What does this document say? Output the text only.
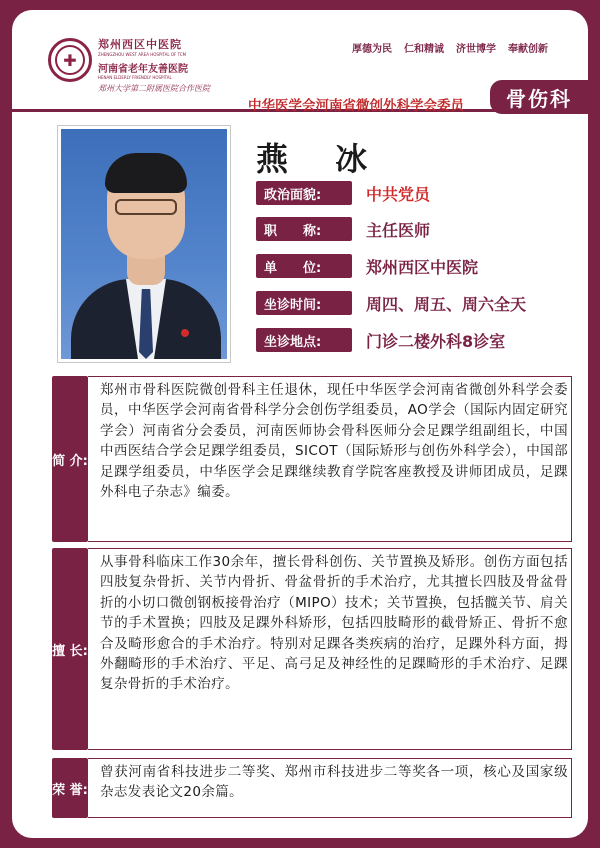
✚
郑州西区中医院
ZHENGZHOU WEST AREA HOSPITAL OF TCM
河南省老年友善医院
HENAN ELDERLY FRIENDLY HOSPITAL
郑州大学第二附属医院合作医院
厚德为民 仁和精诚 济世博学 奉献创新
中华医学会河南省微创外科学会委员	骨伤科
燕 冰
政治面貌:	中共党员
职　　称:	主任医师
单　　位:	郑州西区中医院
坐诊时间:	周四、周五、周六全天
坐诊地点:	门诊二楼外科8诊室
简 介:
郑州市骨科医院微创骨科主任退休，现任中华医学会河南省微创外科学会委员，中华医学会河南省骨科学分会创伤学组委员，AO学会（国际内固定研究学会）河南省分会委员，河南医师协会骨科医师分会足踝学组副组长，中国中西医结合学会足踝学组委员，SICOT（国际矫形与创伤外科学会），中国部足踝学组委员，中华医学会足踝继续教育学院客座教授及讲师团成员，足踝外科电子杂志》编委。
擅 长:
从事骨科临床工作30余年，擅长骨科创伤、关节置换及矫形。创伤方面包括四肢复杂骨折、关节内骨折、骨盆骨折的手术治疗，尤其擅长四肢及骨盆骨折的小切口微创钢板接骨治疗（MIPO）技术；关节置换，包括髋关节、肩关节的手术置换；四肢及足踝外科矫形，包括四肢畸形的截骨矫正、骨折不愈合及畸形愈合的手术治疗。特别对足踝各类疾病的治疗，足踝外科方面，拇外翻畸形的手术治疗、平足、高弓足及神经性的足踝畸形的手术治疗、足踝复杂骨折的手术治疗。
荣 誉:
曾获河南省科技进步二等奖、郑州市科技进步二等奖各一项，核心及国家级杂志发表论文20余篇。
